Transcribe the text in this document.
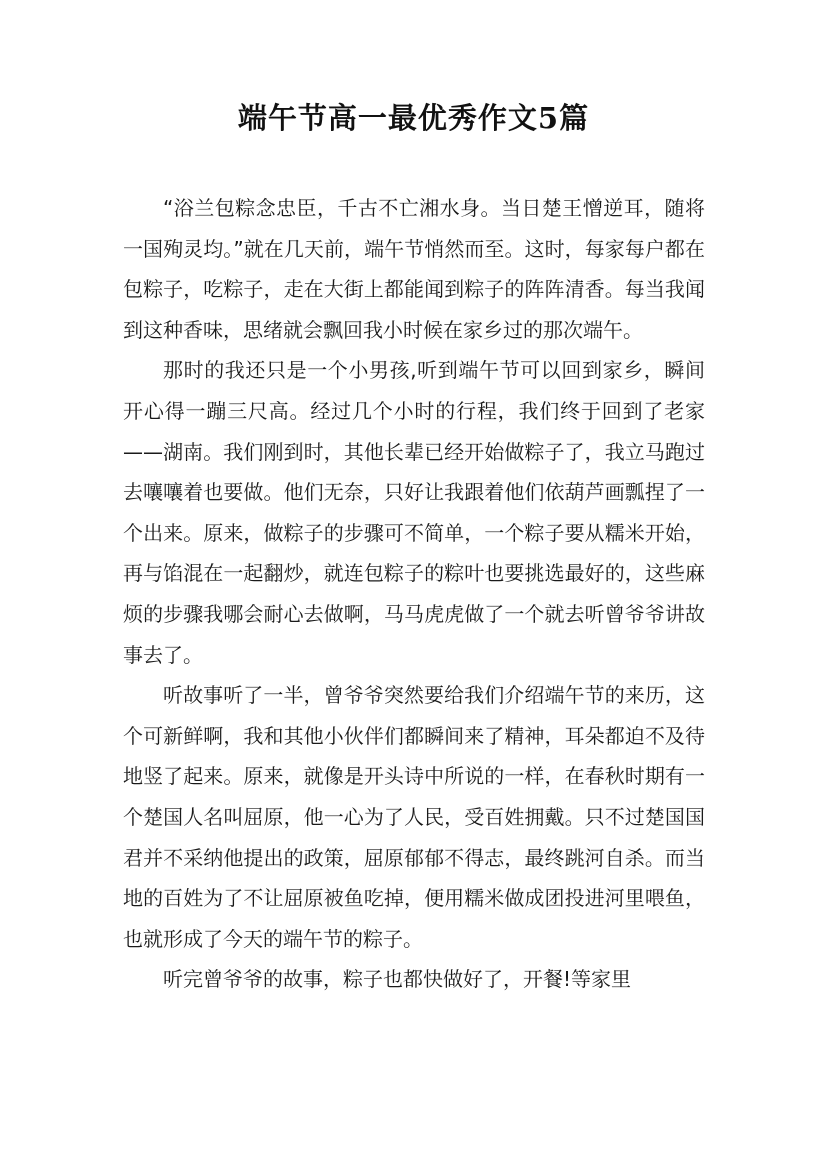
端午节高一最优秀作文5篇

“浴兰包粽念忠臣，千古不亡湘水身。当日楚王憎逆耳，随将一国殉灵均。”就在几天前，端午节悄然而至。这时，每家每户都在包粽子，吃粽子，走在大街上都能闻到粽子的阵阵清香。每当我闻到这种香味，思绪就会飘回我小时候在家乡过的那次端午。

那时的我还只是一个小男孩,听到端午节可以回到家乡，瞬间开心得一蹦三尺高。经过几个小时的行程，我们终于回到了老家——湖南。我们刚到时，其他长辈已经开始做粽子了，我立马跑过去嚷嚷着也要做。他们无奈，只好让我跟着他们依葫芦画瓢捏了一个出来。原来，做粽子的步骤可不简单，一个粽子要从糯米开始，再与馅混在一起翻炒，就连包粽子的粽叶也要挑选最好的，这些麻烦的步骤我哪会耐心去做啊，马马虎虎做了一个就去听曾爷爷讲故事去了。

听故事听了一半，曾爷爷突然要给我们介绍端午节的来历，这个可新鲜啊，我和其他小伙伴们都瞬间来了精神，耳朵都迫不及待地竖了起来。原来，就像是开头诗中所说的一样，在春秋时期有一个楚国人名叫屈原，他一心为了人民，受百姓拥戴。只不过楚国国君并不采纳他提出的政策，屈原郁郁不得志，最终跳河自杀。而当地的百姓为了不让屈原被鱼吃掉，便用糯米做成团投进河里喂鱼，也就形成了今天的端午节的粽子。

听完曾爷爷的故事，粽子也都快做好了，开餐!等家里
